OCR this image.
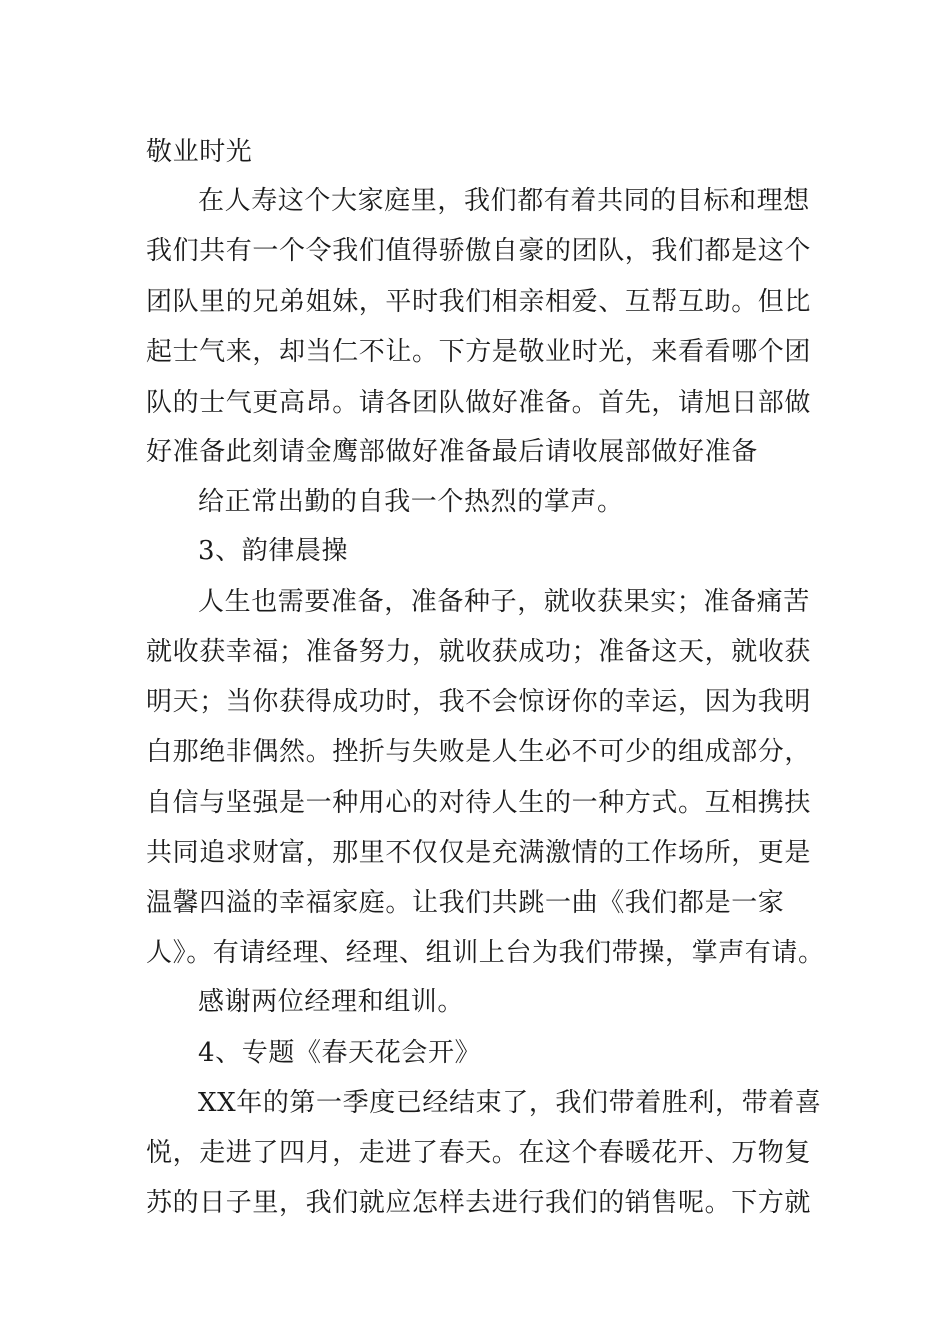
敬业时光
在人寿这个大家庭里，我们都有着共同的目标和理想
我们共有一个令我们值得骄傲自豪的团队，我们都是这个
团队里的兄弟姐妹，平时我们相亲相爱、互帮互助。但比
起士气来，却当仁不让。下方是敬业时光，来看看哪个团
队的士气更高昂。请各团队做好准备。首先，请旭日部做
好准备此刻请金鹰部做好准备最后请收展部做好准备
给正常出勤的自我一个热烈的掌声。
3、韵律晨操
人生也需要准备，准备种子，就收获果实；准备痛苦
就收获幸福；准备努力，就收获成功；准备这天，就收获
明天；当你获得成功时，我不会惊讶你的幸运，因为我明
白那绝非偶然。挫折与失败是人生必不可少的组成部分，
自信与坚强是一种用心的对待人生的一种方式。互相携扶
共同追求财富，那里不仅仅是充满激情的工作场所，更是
温馨四溢的幸福家庭。让我们共跳一曲《我们都是一家
人》。有请经理、经理、组训上台为我们带操，掌声有请。
感谢两位经理和组训。
4、专题《春天花会开》
XX年的第一季度已经结束了，我们带着胜利，带着喜
悦，走进了四月，走进了春天。在这个春暖花开、万物复
苏的日子里，我们就应怎样去进行我们的销售呢。下方就
